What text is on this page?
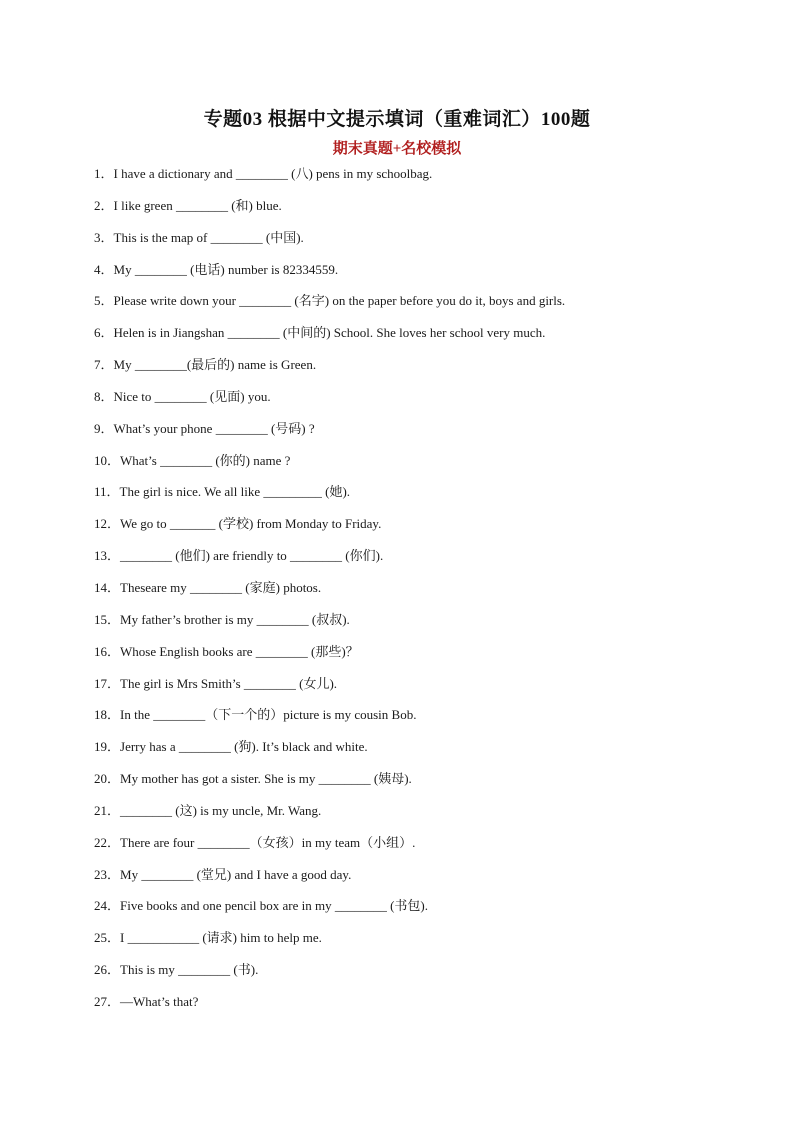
专题03 根据中文提示填词（重难词汇）100题
期末真题+名校模拟
1．I have a dictionary and ________ (八) pens in my schoolbag.
2．I like green ________ (和) blue.
3．This is the map of ________ (中国).
4．My ________ (电话) number is 82334559.
5．Please write down your ________ (名字) on the paper before you do it, boys and girls.
6．Helen is in Jiangshan ________ (中间的) School. She loves her school very much.
7．My ________(最后的) name is Green.
8．Nice to ________ (见面) you.
9．What’s your phone ________ (号码) ?
10．What’s ________ (你的) name ?
11．The girl is nice. We all like _________ (她).
12．We go to _______ (学校) from Monday to Friday.
13．________ (他们) are friendly to ________ (你们).
14．Theseare my ________ (家庭) photos.
15．My father’s brother is my ________ (叔叔).
16．Whose English books are ________ (那些)？
17．The girl is Mrs Smith’s ________ (女儿).
18．In the ________（下一个的）picture is my cousin Bob.
19．Jerry has a ________ (狗). It’s black and white.
20．My mother has got a sister. She is my ________ (姨母).
21．________ (这) is my uncle, Mr. Wang.
22．There are four ________（女孩）in my team（小组）.
23．My ________ (堂兄) and I have a good day.
24．Five books and one pencil box are in my ________ (书包).
25．I ___________ (请求) him to help me.
26．This is my ________ (书).
27．—What’s that?
